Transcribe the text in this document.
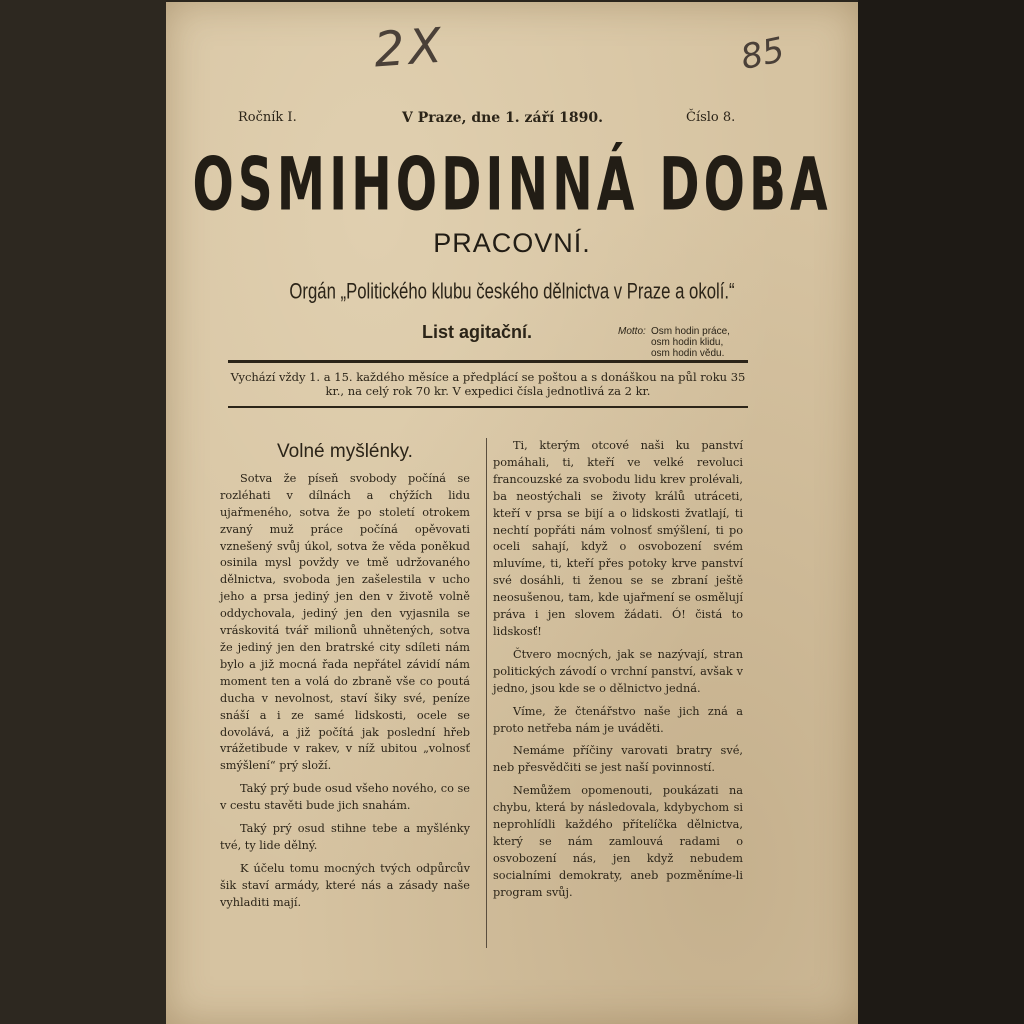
2X	85
Ročník I.	V Praze, dne 1. září 1890.	Číslo 8.
OSMIHODINNÁ DOBA
PRACOVNÍ.
Orgán „Politického klubu českého dělnictva v Praze a okolí.“
List agitační.	Motto: Osm hodin práce,
osm hodin klidu,
osm hodin vědu.
Vychází vždy 1. a 15. každého měsíce a předplácí se poštou a s donáškou na půl roku 35 kr., na celý rok 70 kr. V expedici čísla jednotlivá za 2 kr.
Volné myšlénky.

Sotva že píseň svobody počíná se rozléhati v dílnách a chýžích lidu ujařmeného, sotva že po století otrokem zvaný muž práce počíná opěvovati vznešený svůj úkol, sotva že věda poněkud osinila mysl povždy ve tmě udržovaného dělnictva, svoboda jen zašelestila v ucho jeho a prsa jediný jen den v životě volně oddychovala, jediný jen den vyjasnila se vráskovitá tvář milionů uhnětených, sotva že jediný jen den bratrské city sdíleti nám bylo a již mocná řada nepřátel závidí nám moment ten a volá do zbraně vše co poutá ducha v nevolnost, staví šiky své, peníze snáší a i ze samé lidskosti, ocele se dovolává, a již počítá jak poslední hřeb vrážetibude v rakev, v níž ubitou „volnosť smýšlení“ prý složí.

Taký prý bude osud všeho nového, co se v cestu stavěti bude jich snahám.

Taký prý osud stihne tebe a myšlénky tvé, ty lide dělný.

K účelu tomu mocných tvých odpůrcův šik staví armády, které nás a zásady naše vyhladiti mají.

Ti, kterým otcové naši ku panství pomáhali, ti, kteří ve velké revoluci francouzské za svobodu lidu krev prolévali, ba neostýchali se životy králů utráceti, kteří v prsa se bijí a o lidskosti žvatlají, ti nechtí popřáti nám volnosť smýšlení, ti po oceli sahají, když o osvobození svém mluvíme, ti, kteří přes potoky krve panství své dosáhli, ti ženou se se zbraní ještě neosušenou, tam, kde ujařmení se osmělují práva i jen slovem žádati. Ó! čistá to lidskosť!

Čtvero mocných, jak se nazývají, stran politických závodí o vrchní panství, avšak v jedno, jsou kde se o dělnictvo jedná.

Víme, že čtenářstvo naše jich zná a proto netřeba nám je uváděti.

Nemáme příčiny varovati bratry své, neb přesvědčiti se jest naší povinností.

Nemůžem opomenouti, poukázati na chybu, která by následovala, kdybychom si neprohlídli každého přítelíčka dělnictva, který se nám zamlouvá radami o osvobození nás, jen když nebudem socialními demokraty, aneb pozměníme-li program svůj.
